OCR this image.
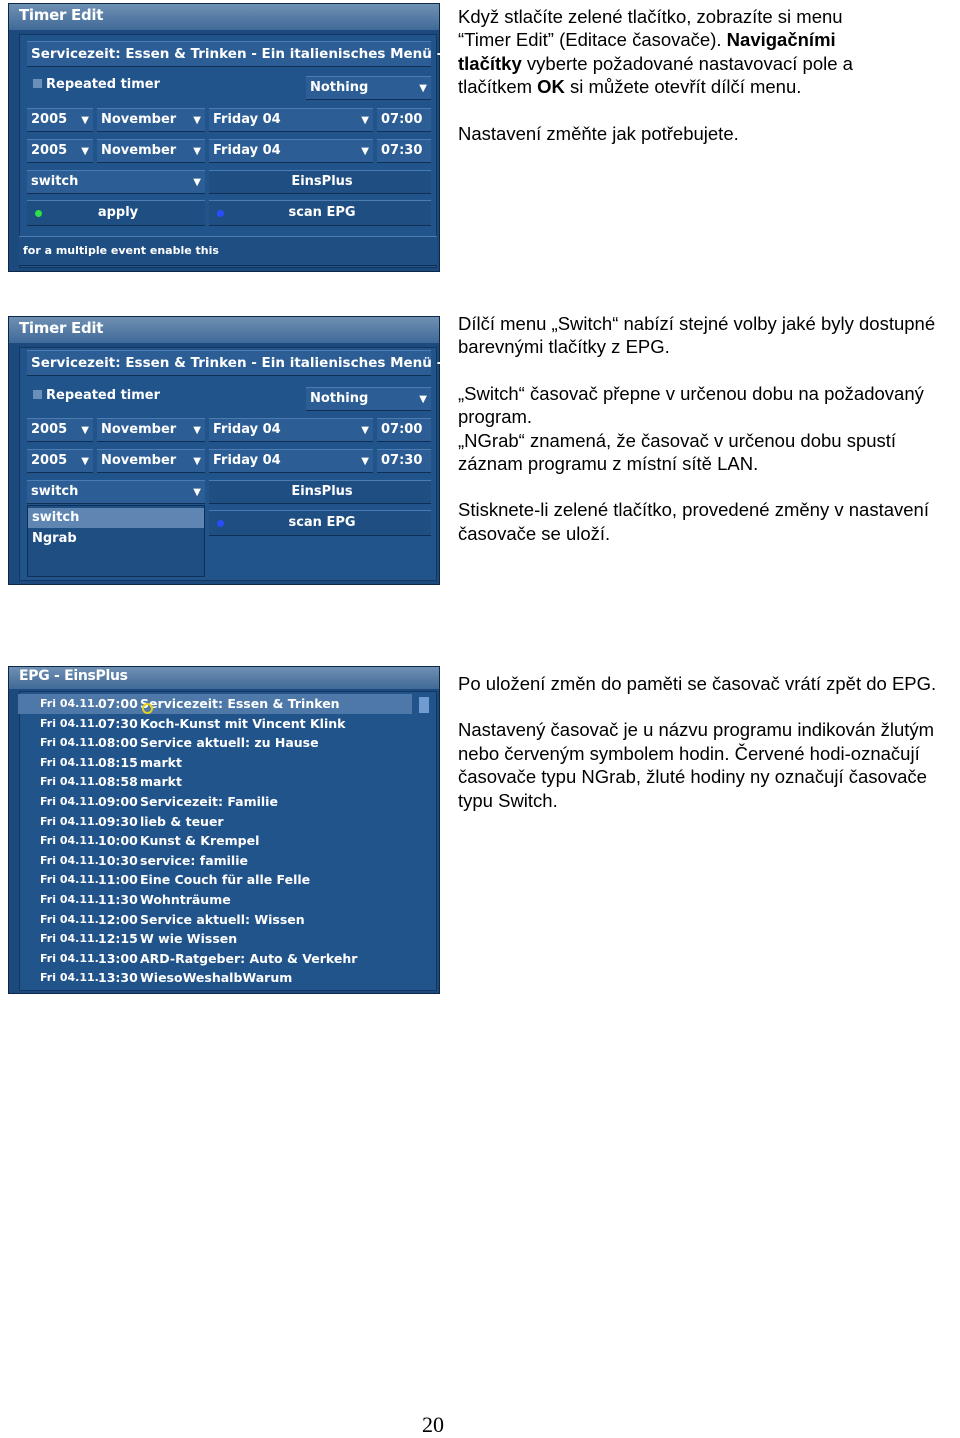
Timer Edit
Servicezeit: Essen & Trinken - Ein italienisches Menü - Die fr
Repeated timer	Nothing	▼
2005 ▼ November ▼ Friday 04	▼ 07:00
2005 ▼ November ▼ Friday 04	▼ 07:30
switch	▼	EinsPlus
apply	scan EPG
for a multiple event enable this
Timer Edit
Servicezeit: Essen & Trinken - Ein italienisches Menü - Die fr
Repeated timer	Nothing	▼
2005 ▼ November ▼ Friday 04	▼ 07:00
2005 ▼ November ▼ Friday 04	▼ 07:30
switch	▼	EinsPlus
switch
Ngrab
scan EPG
EPG - EinsPlus
Fri 04.11. 07:00 Servicezeit: Essen & Trinken
Fri 04.11. 07:30 Koch-Kunst mit Vincent Klink
Fri 04.11. 08:00 Service aktuell: zu Hause
Fri 04.11. 08:15 markt
Fri 04.11. 08:58 markt
Fri 04.11. 09:00 Servicezeit: Familie
Fri 04.11. 09:30 lieb & teuer
Fri 04.11. 10:00 Kunst & Krempel
Fri 04.11. 10:30 service: familie
Fri 04.11. 11:00 Eine Couch für alle Felle
Fri 04.11. 11:30 Wohnträume
Fri 04.11. 12:00 Service aktuell: Wissen
Fri 04.11. 12:15 W wie Wissen
Fri 04.11. 13:00 ARD-Ratgeber: Auto & Verkehr
Fri 04.11. 13:30 WiesoWeshalbWarum

Když stlačíte zelené tlačítko, zobrazíte si menu
“Timer Edit” (Editace časovače). Navigačními
tlačítky vyberte požadované nastavovací pole a
tlačítkem OK si můžete otevřít dílčí menu.

Nastavení změňte jak potřebujete.

Dílčí menu „Switch“ nabízí stejné volby jaké byly dostupné barevnými tlačítky z EPG.

„Switch“ časovač přepne v určenou dobu na požadovaný program.
„NGrab“ znamená, že časovač v určenou dobu spustí záznam programu z místní sítě LAN.

Stisknete-li zelené tlačítko, provedené změny v nastavení časovače se uloží.

Po uložení změn do paměti se časovač vrátí zpět do EPG.

Nastavený časovač je u názvu programu indikován žlutým nebo červeným symbolem hodin. Červené hodi-označují časovače typu NGrab, žluté hodiny ny označují časovače typu Switch.

20
